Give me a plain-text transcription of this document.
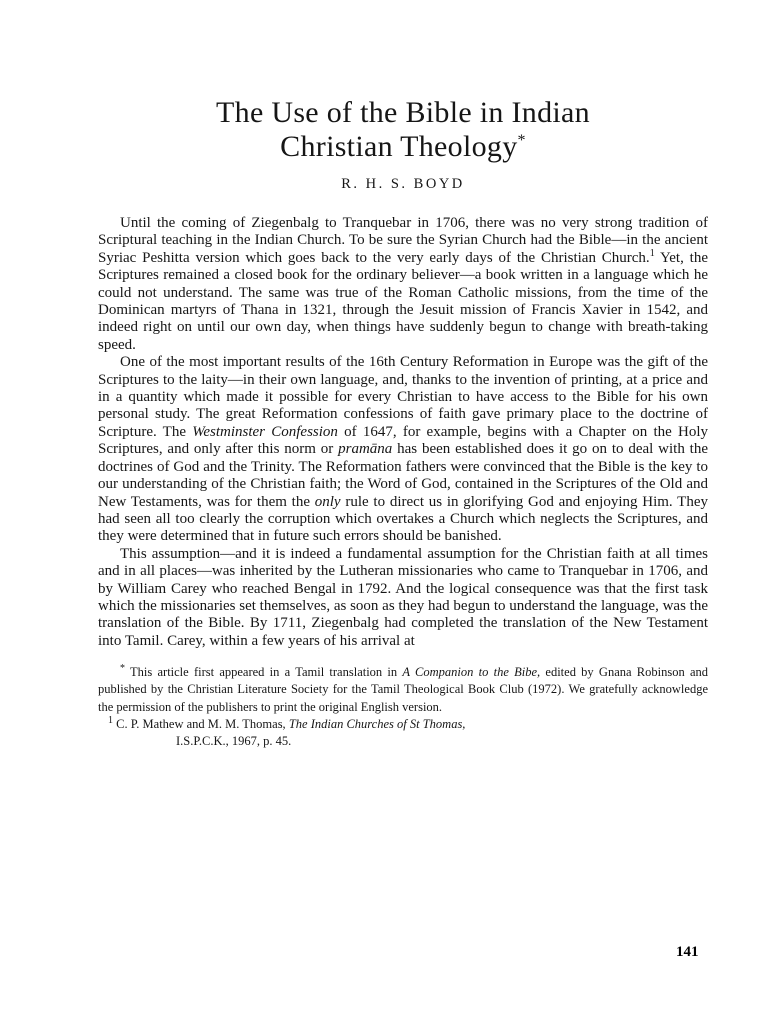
The Use of the Bible in Indian
Christian Theology*
R. H. S. BOYD

Until the coming of Ziegenbalg to Tranquebar in 1706, there was no very strong tradition of Scriptural teaching in the Indian Church. To be sure the Syrian Church had the Bible—in the ancient Syriac Peshitta version which goes back to the very early days of the Christian Church.$^1$ Yet, the Scriptures remained a closed book for the ordinary believer—a book written in a language which he could not understand. The same was true of the Roman Catholic missions, from the time of the Dominican martyrs of Thana in 1321, through the Jesuit mission of Francis Xavier in 1542, and indeed right on until our own day, when things have suddenly begun to change with breath-taking speed.

One of the most important results of the 16th Century Reformation in Europe was the gift of the Scriptures to the laity—in their own language, and, thanks to the invention of printing, at a price and in a quantity which made it possible for every Christian to have access to the Bible for his own personal study. The great Reformation confessions of faith gave primary place to the doctrine of Scripture. The Westminster Confession of 1647, for example, begins with a Chapter on the Holy Scriptures, and only after this norm or pramāna has been established does it go on to deal with the doctrines of God and the Trinity. The Reformation fathers were convinced that the Bible is the key to our understanding of the Christian faith; the Word of God, contained in the Scriptures of the Old and New Testaments, was for them the only rule to direct us in glorifying God and enjoying Him. They had seen all too clearly the corruption which overtakes a Church which neglects the Scriptures, and they were determined that in future such errors should be banished.

This assumption—and it is indeed a fundamental assumption for the Christian faith at all times and in all places—was inherited by the Lutheran missionaries who came to Tranquebar in 1706, and by William Carey who reached Bengal in 1792. And the logical consequence was that the first task which the missionaries set themselves, as soon as they had begun to understand the language, was the translation of the Bible. By 1711, Ziegenbalg had completed the translation of the New Testament into Tamil. Carey, within a few years of his arrival at

* This article first appeared in a Tamil translation in A Companion to the Bibe, edited by Gnana Robinson and published by the Christian Literature Society for the Tamil Theological Book Club (1972). We gratefully acknowledge the permission of the publishers to print the original English version.

$^1$ C. P. Mathew and M. M. Thomas, The Indian Churches of St Thomas,
I.S.P.C.K., 1967, p. 45.

141
